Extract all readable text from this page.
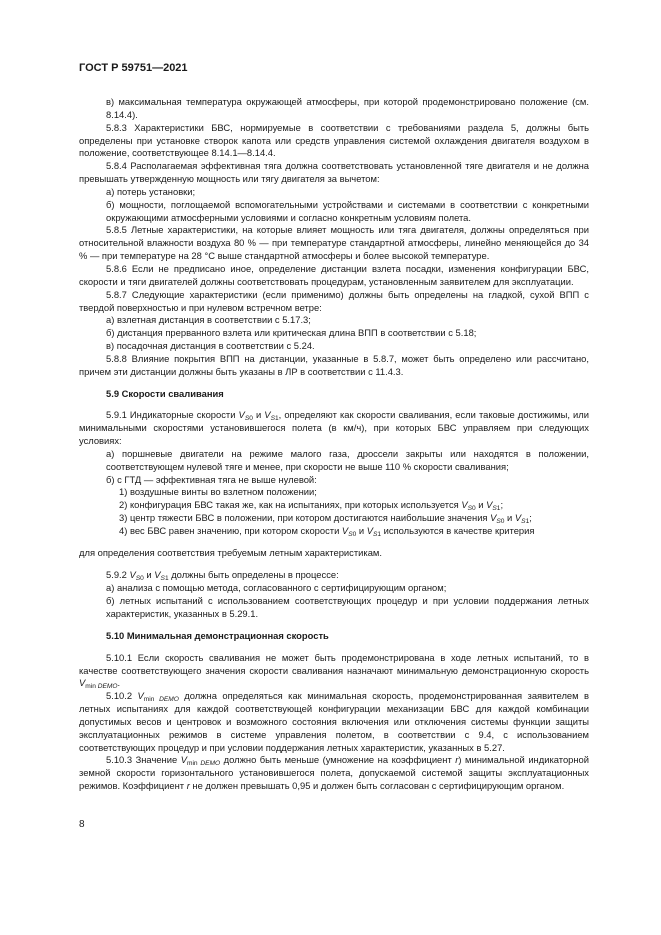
ГОСТ Р 59751—2021

в) максимальная температура окружающей атмосферы, при которой продемонстрировано положение (см. 8.14.4).

5.8.3 Характеристики БВС, нормируемые в соответствии с требованиями раздела 5, должны быть определены при установке створок капота или средств управления системой охлаждения двигателя воздухом в положение, соответствующее 8.14.1—8.14.4.

5.8.4 Располагаемая эффективная тяга должна соответствовать установленной тяге двигателя и не должна превышать утвержденную мощность или тягу двигателя за вычетом:

а) потерь установки;

б) мощности, поглощаемой вспомогательными устройствами и системами в соответствии с конкретными окружающими атмосферными условиями и согласно конкретным условиям полета.

5.8.5 Летные характеристики, на которые влияет мощность или тяга двигателя, должны определяться при относительной влажности воздуха 80 % — при температуре стандартной атмосферы, линейно меняющейся до 34 % — при температуре на 28 °С выше стандартной атмосферы и более высокой температуре.

5.8.6 Если не предписано иное, определение дистанции взлета посадки, изменения конфигурации БВС, скорости и тяги двигателей должны соответствовать процедурам, установленным заявителем для эксплуатации.

5.8.7 Следующие характеристики (если применимо) должны быть определены на гладкой, сухой ВПП с твердой поверхностью и при нулевом встречном ветре:

а) взлетная дистанция в соответствии с 5.17.3;

б) дистанция прерванного взлета или критическая длина ВПП в соответствии с 5.18;

в) посадочная дистанция в соответствии с 5.24.

5.8.8 Влияние покрытия ВПП на дистанции, указанные в 5.8.7, может быть определено или рассчитано, причем эти дистанции должны быть указаны в ЛР в соответствии с 11.4.3.

5.9 Скорости сваливания

5.9.1 Индикаторные скорости $V_{S0}$ и $V_{S1}$, определяют как скорости сваливания, если таковые достижимы, или минимальными скоростями установившегося полета (в км/ч), при которых БВС управляем при следующих условиях:

а) поршневые двигатели на режиме малого газа, дроссели закрыты или находятся в положении, соответствующем нулевой тяге и менее, при скорости не выше 110 % скорости сваливания;

б) с ГТД — эффективная тяга не выше нулевой:

1) воздушные винты во взлетном положении;

2) конфигурация БВС такая же, как на испытаниях, при которых используется $V_{S0}$ и $V_{S1}$;

3) центр тяжести БВС в положении, при котором достигаются наибольшие значения $V_{S0}$ и $V_{S1}$;

4) вес БВС равен значению, при котором скорости $V_{S0}$ и $V_{S1}$ используются в качестве критерия

для определения соответствия требуемым летным характеристикам.

5.9.2 $V_{S0}$ и $V_{S1}$ должны быть определены в процессе:

а) анализа с помощью метода, согласованного с сертифицирующим органом;

б) летных испытаний с использованием соответствующих процедур и при условии поддержания летных характеристик, указанных в 5.29.1.

5.10 Минимальная демонстрационная скорость

5.10.1 Если скорость сваливания не может быть продемонстрирована в ходе летных испытаний, то в качестве соответствующего значения скорости сваливания назначают минимальную демонстрационную скорость $V_{min DEMO}$.

5.10.2 $V_{min DEMO}$ должна определяться как минимальная скорость, продемонстрированная заявителем в летных испытаниях для каждой соответствующей конфигурации механизации БВС для каждой комбинации допустимых весов и центровок и возможного состояния включения или отключения системы функции защиты эксплуатационных режимов в системе управления полетом, в соответствии с 9.4, с использованием соответствующих процедур и при условии поддержания летных характеристик, указанных в 5.27.

5.10.3 Значение $V_{min DEMO}$ должно быть меньше (умножение на коэффициент r) минимальной индикаторной земной скорости горизонтального установившегося полета, допускаемой системой защиты эксплуатационных режимов. Коэффициент r не должен превышать 0,95 и должен быть согласован с сертифицирующим органом.

8
